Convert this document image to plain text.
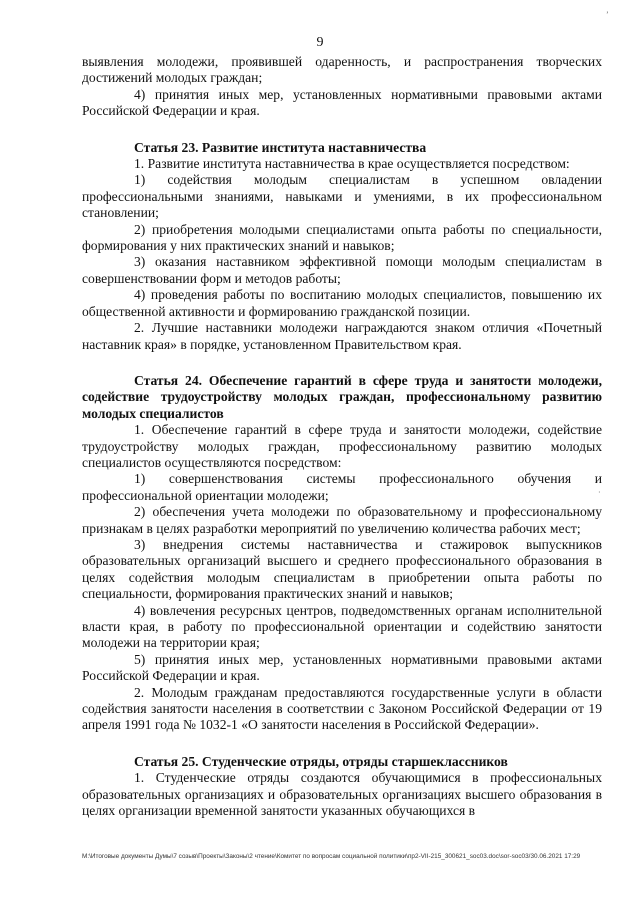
9
’
·

выявления молодежи, проявившей одаренность, и распространения творческих достижений молодых граждан;

4) принятия иных мер, установленных нормативными правовыми актами Российской Федерации и края.

Статья 23. Развитие института наставничества

1. Развитие института наставничества в крае осуществляется посредством:

1) содействия молодым специалистам в успешном овладении профессиональными знаниями, навыками и умениями, в их профессиональном становлении;

2) приобретения молодыми специалистами опыта работы по специальности, формирования у них практических знаний и навыков;

3) оказания наставником эффективной помощи молодым специалистам в совершенствовании форм и методов работы;

4) проведения работы по воспитанию молодых специалистов, повышению их общественной активности и формированию гражданской позиции.

2. Лучшие наставники молодежи награждаются знаком отличия «Почетный наставник края» в порядке, установленном Правительством края.

Статья 24. Обеспечение гарантий в сфере труда и занятости молодежи, содействие трудоустройству молодых граждан, профессиональному развитию молодых специалистов

1. Обеспечение гарантий в сфере труда и занятости молодежи, содействие трудоустройству молодых граждан, профессиональному развитию молодых специалистов осуществляются посредством:

1) совершенствования системы профессионального обучения и профессиональной ориентации молодежи;

2) обеспечения учета молодежи по образовательному и профессиональному признакам в целях разработки мероприятий по увеличению количества рабочих мест;

3) внедрения системы наставничества и стажировок выпускников образовательных организаций высшего и среднего профессионального образования в целях содействия молодым специалистам в приобретении опыта работы по специальности, формирования практических знаний и навыков;

4) вовлечения ресурсных центров, подведомственных органам исполнительной власти края, в работу по профессиональной ориентации и содействию занятости молодежи на территории края;

5) принятия иных мер, установленных нормативными правовыми актами Российской Федерации и края.

2. Молодым гражданам предоставляются государственные услуги в области содействия занятости населения в соответствии с Законом Российской Федерации от 19 апреля 1991 года № 1032-1 «О занятости населения в Российской Федерации».

Статья 25. Студенческие отряды, отряды старшеклассников

1. Студенческие отряды создаются обучающимися в профессиональных образовательных организациях и образовательных организациях высшего образования в целях организации временной занятости указанных обучающихся в

M:\Итоговые документы Думы\7 созыв\Проекты\Законы\2 чтение\Комитет по вопросам социальной политики\пр2-VII-215_300621_soc03.doc\sor-soc03/30.06.2021 17:29
